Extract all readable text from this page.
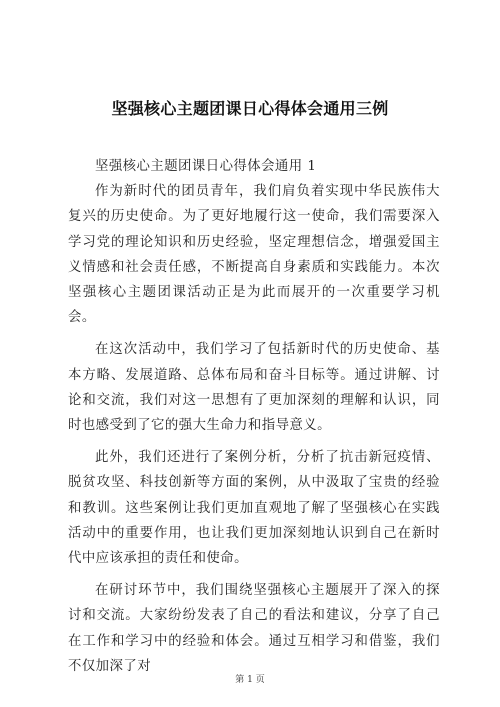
坚强核心主题团课日心得体会通用三例

坚强核心主题团课日心得体会通用 1

作为新时代的团员青年，我们肩负着实现中华民族伟大复兴的历史使命。为了更好地履行这一使命，我们需要深入学习党的理论知识和历史经验，坚定理想信念，增强爱国主义情感和社会责任感，不断提高自身素质和实践能力。本次坚强核心主题团课活动正是为此而展开的一次重要学习机会。

在这次活动中，我们学习了包括新时代的历史使命、基本方略、发展道路、总体布局和奋斗目标等。通过讲解、讨论和交流，我们对这一思想有了更加深刻的理解和认识，同时也感受到了它的强大生命力和指导意义。

此外，我们还进行了案例分析，分析了抗击新冠疫情、脱贫攻坚、科技创新等方面的案例，从中汲取了宝贵的经验和教训。这些案例让我们更加直观地了解了坚强核心在实践活动中的重要作用，也让我们更加深刻地认识到自己在新时代中应该承担的责任和使命。

在研讨环节中，我们围绕坚强核心主题展开了深入的探讨和交流。大家纷纷发表了自己的看法和建议，分享了自己在工作和学习中的经验和体会。通过互相学习和借鉴，我们不仅加深了对

第 1 页
